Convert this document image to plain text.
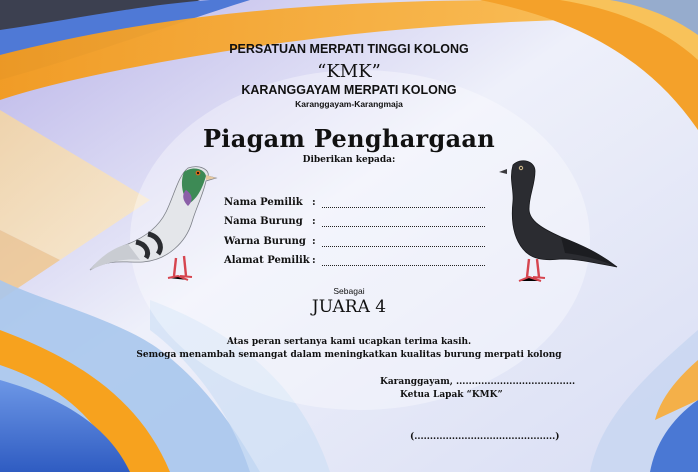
PERSATUAN MERPATI TINGGI KOLONG
“KMK”
KARANGGAYAM MERPATI KOLONG
Karanggayam-Karangmaja
Piagam Penghargaan
Diberikan kepada:
Nama Pemilik :
Nama Burung :
Warna Burung :
Alamat Pemilik :
Sebagai
JUARA 4
Atas peran sertanya kami ucapkan terima kasih.
Semoga menambah semangat dalam meningkatkan kualitas burung merpati kolong
Karanggayam, ......................................
Ketua Lapak “KMK”
(.............................................)
